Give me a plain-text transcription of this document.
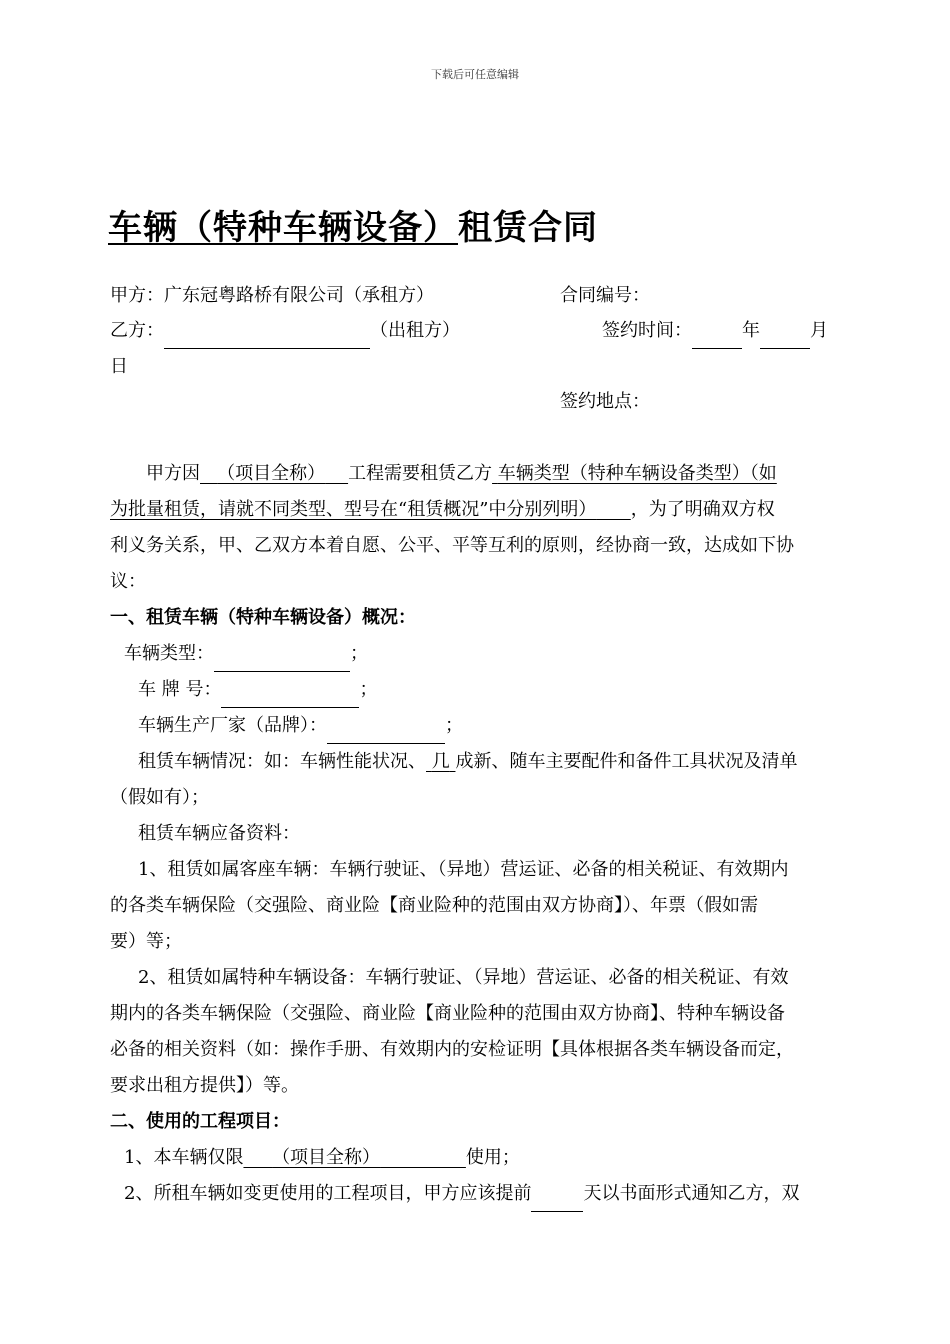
下载后可任意编辑
车辆（特种车辆设备）租赁合同
甲方：广东冠粤路桥有限公司（承租方）	合同编号：
乙方：	（出租方）	签约时间：	年	月
日
签约地点：
甲方因 （项目全称） 工程需要租赁乙方 车辆类型（特种车辆设备类型）（如
为批量租赁，请就不同类型、型号在“租赁概况”中分别列明） ，为了明确双方权
利义务关系，甲、乙双方本着自愿、公平、平等互利的原则，经协商一致，达成如下协
议：
一、租赁车辆（特种车辆设备）概况：
车辆类型：	；
车 牌 号：	；
车辆生产厂家（品牌）：	；
租赁车辆情况：如：车辆性能状况、 几 成新、随车主要配件和备件工具状况及清单
（假如有）；
租赁车辆应备资料：
1、租赁如属客座车辆：车辆行驶证、（异地）营运证、必备的相关税证、有效期内
的各类车辆保险（交强险、商业险【商业险种的范围由双方协商】）、年票（假如需
要）等；
2、租赁如属特种车辆设备：车辆行驶证、（异地）营运证、必备的相关税证、有效
期内的各类车辆保险（交强险、商业险【商业险种的范围由双方协商】、特种车辆设备
必备的相关资料（如：操作手册、有效期内的安检证明【具体根据各类车辆设备而定，
要求出租方提供】）等。
二、使用的工程项目：
1、本车辆仅限 （项目全称）	使用；
2、所租车辆如变更使用的工程项目，甲方应该提前	天以书面形式通知乙方，双
